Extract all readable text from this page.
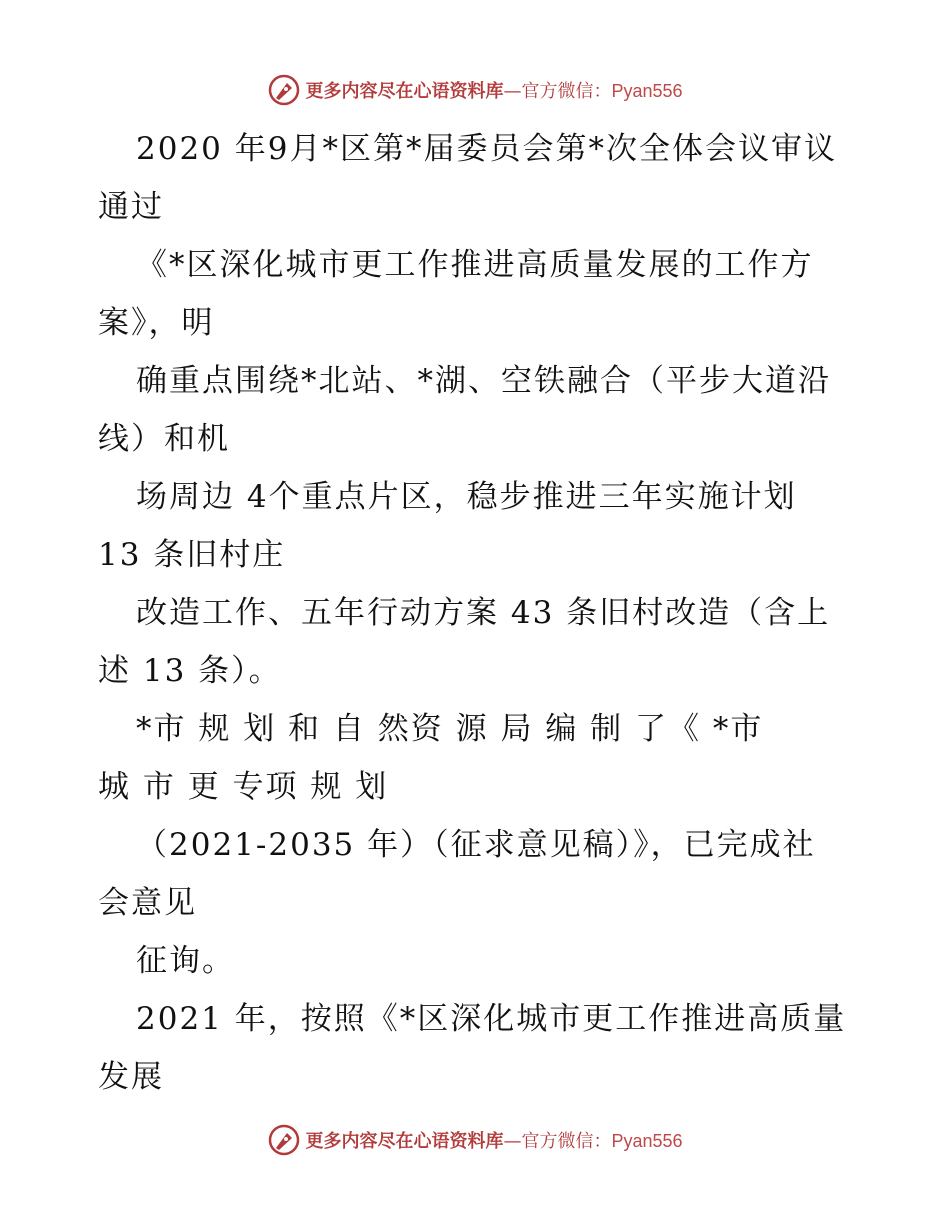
更多内容尽在心语资料库—官方微信：Pyan556

2020 年9月*区第*届委员会第*次全体会议审议
通过

《*区深化城市更工作推进高质量发展的工作方
案》，明

确重点围绕*北站、*湖、空铁融合（平步大道沿
线）和机

场周边 4个重点片区，稳步推进三年实施计划
13 条旧村庄

改造工作、五年行动方案 43 条旧村改造（含上
述 13 条）。

*市 规 划 和 自 然资 源 局 编 制 了《 *市
城 市 更 专项 规 划

（2021-2035 年）（征求意见稿）》，已完成社
会意见

征询。

2021 年，按照《*区深化城市更工作推进高质量
发展

更多内容尽在心语资料库—官方微信：Pyan556
